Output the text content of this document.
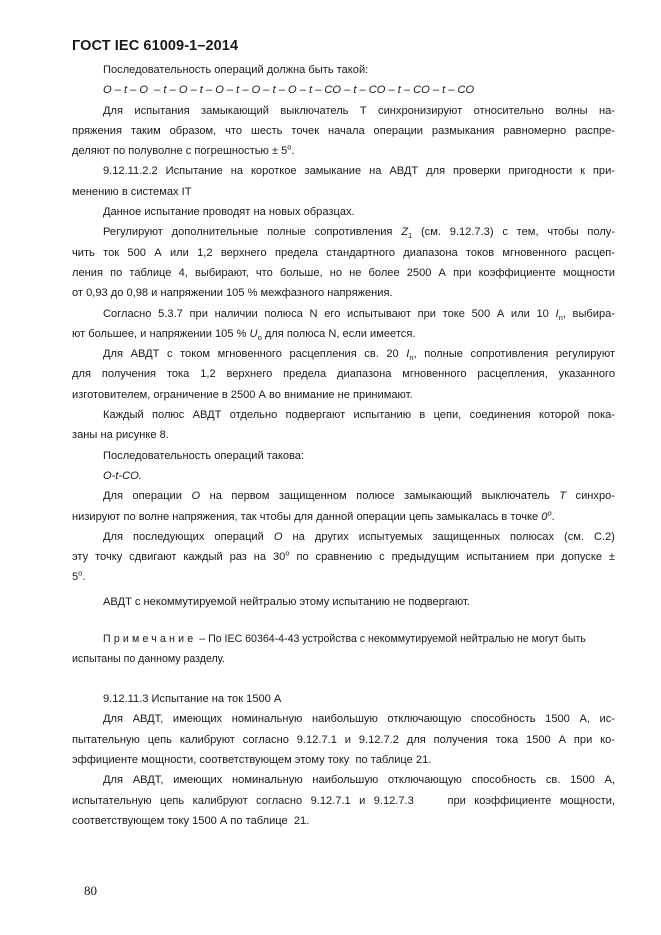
ГОСТ IEC 61009-1–2014

Последовательность операций должна быть такой:

O – t – O  – t – O – t – O – t – O – t – O – t – CO – t – CO – t – CO – t – CO

Для испытания замыкающий выключатель Т синхронизируют относительно волны на-

пряжения таким образом, что шесть точек начала операции размыкания равномерно распре-

деляют по полуволне с погрешностью ± $5^о$.

9.12.11.2.2 Испытание на короткое замыкание на АВДТ для проверки пригодности к при-

менению в системах IT

Данное испытание проводят на новых образцах.

Регулируют дополнительные полные сопротивления $Z_1$ (см. 9.12.7.3) с тем, чтобы полу-

чить ток 500 А или 1,2 верхнего предела стандартного диапазона токов мгновенного расцеп-

ления по таблице 4, выбирают, что больше, но не более 2500 А при коэффициенте мощности

от 0,93 до 0,98 и напряжении 105 % межфазного напряжения.

Согласно 5.3.7 при наличии полюса N его испытывают при токе 500 А или 10 $I_n$, выбира-

ют большее, и напряжении 105 % $U_o$ для полюса N, если имеется.

Для АВДТ с током мгновенного расцепления св. 20 $I_n$, полные сопротивления регулируют

для получения тока 1,2 верхнего предела диапазона мгновенного расцепления, указанного

изготовителем, ограничение в 2500 А во внимание не принимают.

Каждый полюс АВДТ отдельно подвергают испытанию в цепи, соединения которой пока-

заны на рисунке 8.

Последовательность операций такова:

O-t-CO.

Для операции O на первом защищенном полюсе замыкающий выключатель T синхро-

низируют по волне напряжения, так чтобы для данной операции цепь замыкалась в точке $0^о$.

Для последующих операций O на других испытуемых защищенных полюсах (см. С.2)

эту точку сдвигают каждый раз на $30^о$ по сравнению с предыдущим испытанием при допуске ±

$5^о$.

АВДТ с некоммутируемой нейтралью этому испытанию не подвергают.

Примечание – По IEC 60364-4-43 устройства с некоммутируемой нейтралью не могут быть

испытаны по данному разделу.

9.12.11.3 Испытание на ток 1500 А

Для АВДТ, имеющих номинальную наибольшую отключающую способность 1500 А, ис-

пытательную цепь калибруют согласно 9.12.7.1 и 9.12.7.2 для получения тока 1500 А при ко-

эффициенте мощности, соответствующем этому току  по таблице 21.

Для АВДТ, имеющих номинальную наибольшую отключающую способность св. 1500 А,

испытательную цепь калибруют согласно 9.12.7.1 и 9.12.7.3    при коэффициенте мощности,

соответствующем току 1500 А по таблице  21.

80
